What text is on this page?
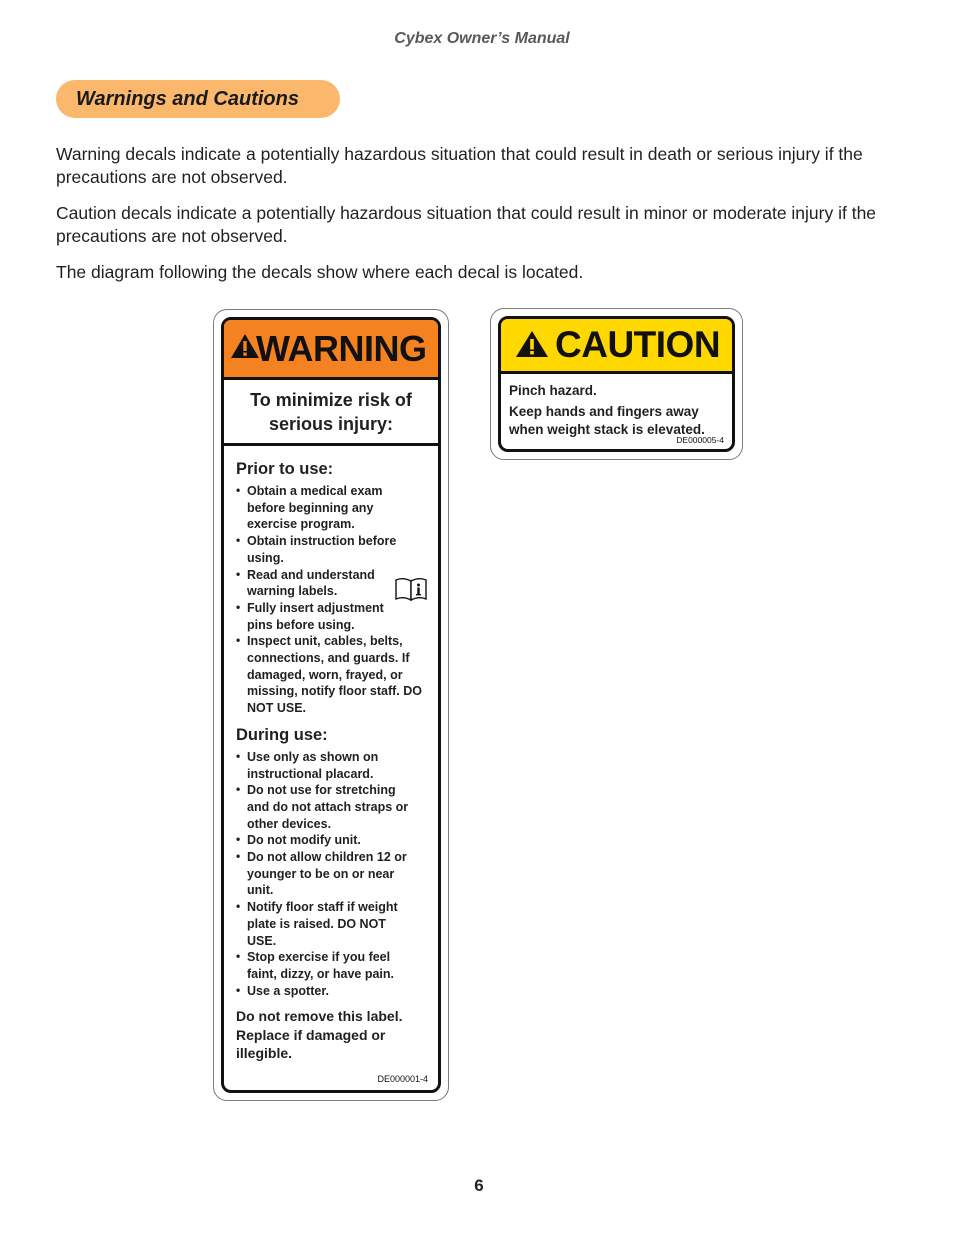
Cybex Owner’s Manual
Warnings and Cautions

Warning decals indicate a potentially hazardous situation that could result in death or serious injury if the precautions are not observed.

Caution decals indicate a potentially hazardous situation that could result in minor or moderate injury if the precautions are not observed.

The diagram following the decals show where each decal is located.

WARNING
To minimize risk of serious injury:
Prior to use:
• Obtain a medical exam before beginning any exercise program.
• Obtain instruction before using.
• Read and understand warning labels.
• Fully insert adjustment pins before using.
• Inspect unit, cables, belts, connections, and guards. If damaged, worn, frayed, or missing, notify floor staff. DO NOT USE.
During use:
• Use only as shown on instructional placard.
• Do not use for stretching and do not attach straps or other devices.
• Do not modify unit.
• Do not allow children 12 or younger to be on or near unit.
• Notify floor staff if weight plate is raised. DO NOT USE.
• Stop exercise if you feel faint, dizzy, or have pain.
• Use a spotter.
Do not remove this label. Replace if damaged or illegible.
DE000001-4
CAUTION
Pinch hazard.
Keep hands and fingers away when weight stack is elevated.
DE000005-4
6
